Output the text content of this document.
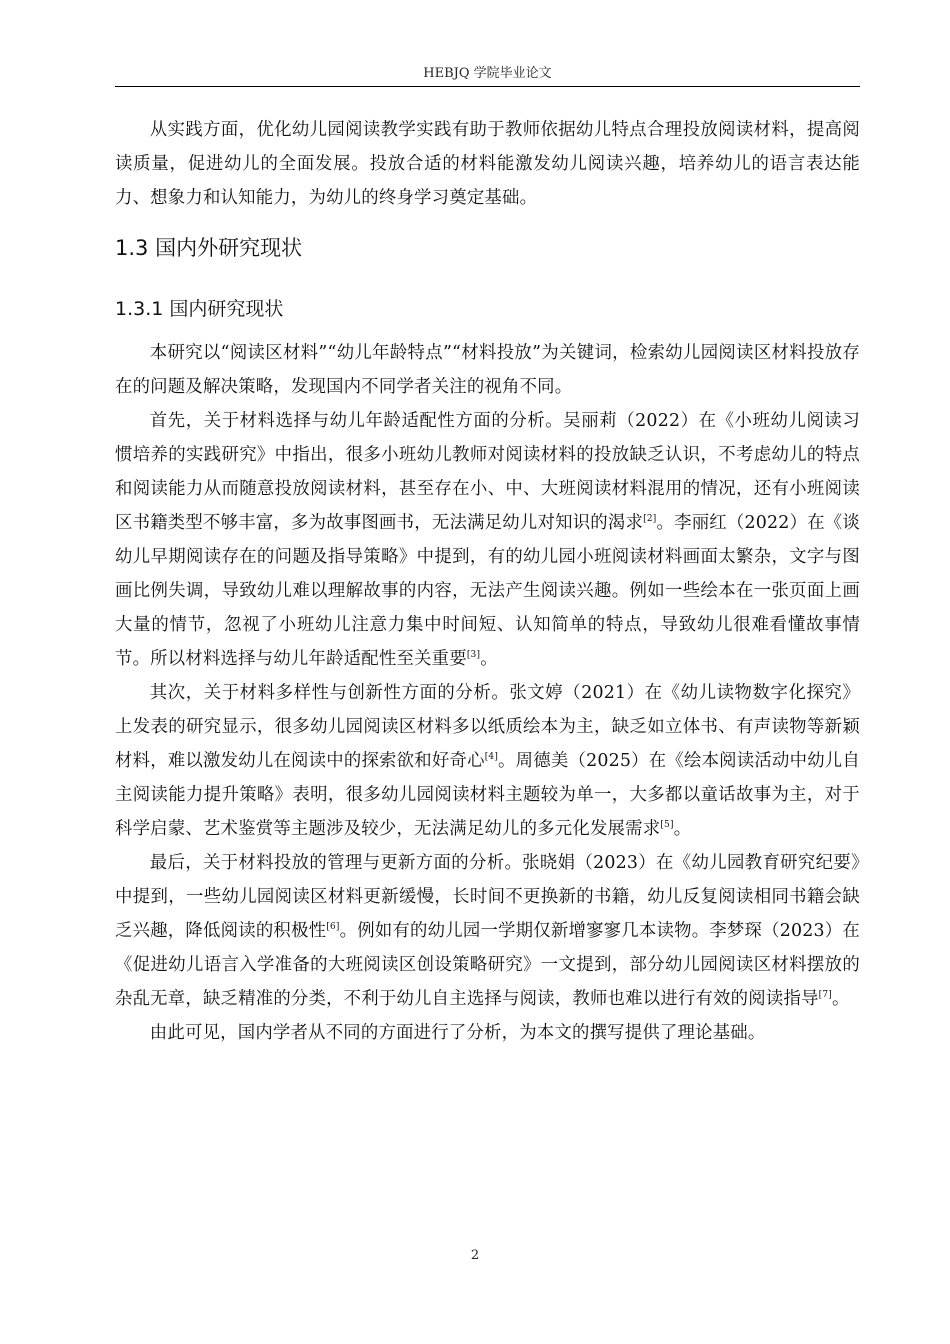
HEBJQ 学院毕业论文

从实践方面，优化幼儿园阅读教学实践有助于教师依据幼儿特点合理投放阅读材料，提高阅读质量，促进幼儿的全面发展。投放合适的材料能激发幼儿阅读兴趣，培养幼儿的语言表达能力、想象力和认知能力，为幼儿的终身学习奠定基础。

1.3 国内外研究现状
1.3.1 国内研究现状

本研究以“阅读区材料”“幼儿年龄特点”“材料投放”为关键词，检索幼儿园阅读区材料投放存在的问题及解决策略，发现国内不同学者关注的视角不同。

首先，关于材料选择与幼儿年龄适配性方面的分析。吴丽莉（2022）在《小班幼儿阅读习惯培养的实践研究》中指出，很多小班幼儿教师对阅读材料的投放缺乏认识，不考虑幼儿的特点和阅读能力从而随意投放阅读材料，甚至存在小、中、大班阅读材料混用的情况，还有小班阅读区书籍类型不够丰富，多为故事图画书，无法满足幼儿对知识的渴求[2]。李丽红（2022）在《谈幼儿早期阅读存在的问题及指导策略》中提到，有的幼儿园小班阅读材料画面太繁杂，文字与图画比例失调，导致幼儿难以理解故事的内容，无法产生阅读兴趣。例如一些绘本在一张页面上画大量的情节，忽视了小班幼儿注意力集中时间短、认知简单的特点，导致幼儿很难看懂故事情节。所以材料选择与幼儿年龄适配性至关重要[3]。

其次，关于材料多样性与创新性方面的分析。张文婷（2021）在《幼儿读物数字化探究》上发表的研究显示，很多幼儿园阅读区材料多以纸质绘本为主，缺乏如立体书、有声读物等新颖材料，难以激发幼儿在阅读中的探索欲和好奇心[4]。周德美（2025）在《绘本阅读活动中幼儿自主阅读能力提升策略》表明，很多幼儿园阅读材料主题较为单一，大多都以童话故事为主，对于科学启蒙、艺术鉴赏等主题涉及较少，无法满足幼儿的多元化发展需求[5]。

最后，关于材料投放的管理与更新方面的分析。张晓娟（2023）在《幼儿园教育研究纪要》中提到，一些幼儿园阅读区材料更新缓慢，长时间不更换新的书籍，幼儿反复阅读相同书籍会缺乏兴趣，降低阅读的积极性[6]。例如有的幼儿园一学期仅新增寥寥几本读物。李梦琛（2023）在《促进幼儿语言入学准备的大班阅读区创设策略研究》一文提到，部分幼儿园阅读区材料摆放的杂乱无章，缺乏精准的分类，不利于幼儿自主选择与阅读，教师也难以进行有效的阅读指导[7]。

由此可见，国内学者从不同的方面进行了分析，为本文的撰写提供了理论基础。

2
